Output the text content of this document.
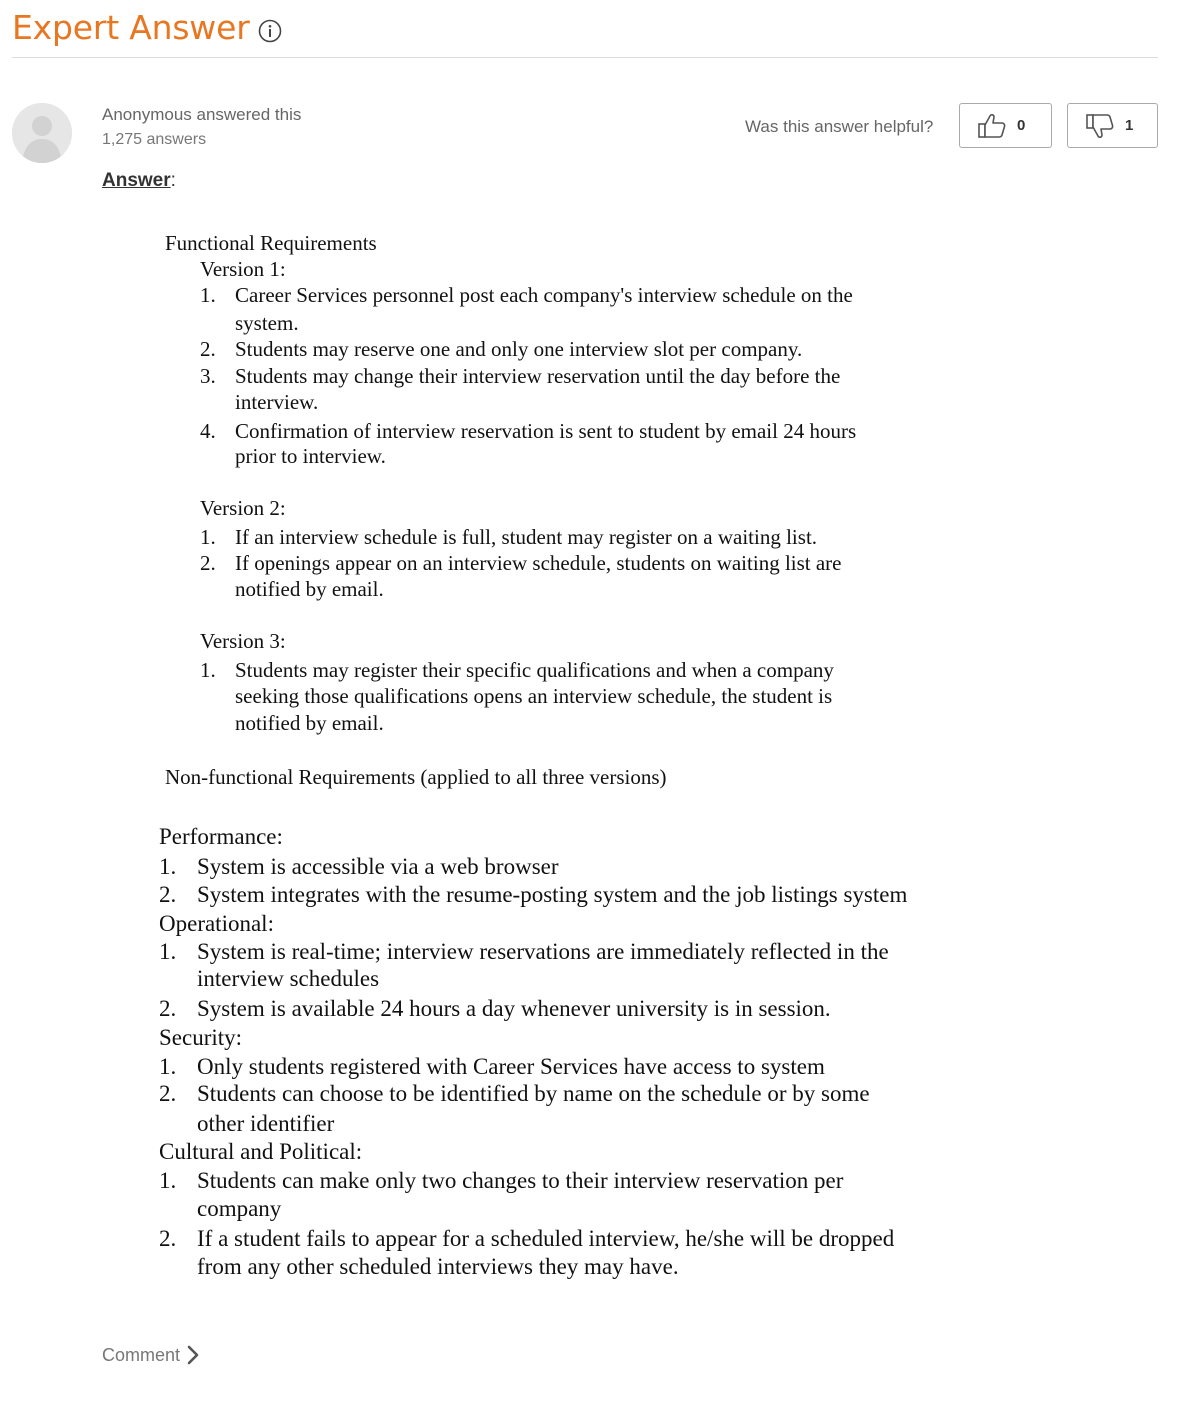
Expert Answer
Anonymous answered this
1,275 answers
Was this answer helpful?	0	1
Answer:
Functional Requirements
Version 1:
1. Career Services personnel post each company's interview schedule on the
system.
2. Students may reserve one and only one interview slot per company.
3. Students may change their interview reservation until the day before the
interview.
4. Confirmation of interview reservation is sent to student by email 24 hours
prior to interview.
Version 2:
1. If an interview schedule is full, student may register on a waiting list.
2. If openings appear on an interview schedule, students on waiting list are
notified by email.
Version 3:
1. Students may register their specific qualifications and when a company
seeking those qualifications opens an interview schedule, the student is
notified by email.
Non-functional Requirements (applied to all three versions)
Performance:
1. System is accessible via a web browser
2. System integrates with the resume-posting system and the job listings system
Operational:
1. System is real-time; interview reservations are immediately reflected in the
interview schedules
2. System is available 24 hours a day whenever university is in session.
Security:
1. Only students registered with Career Services have access to system
2. Students can choose to be identified by name on the schedule or by some
other identifier
Cultural and Political:
1. Students can make only two changes to their interview reservation per
company
2. If a student fails to appear for a scheduled interview, he/she will be dropped
from any other scheduled interviews they may have.
Comment
